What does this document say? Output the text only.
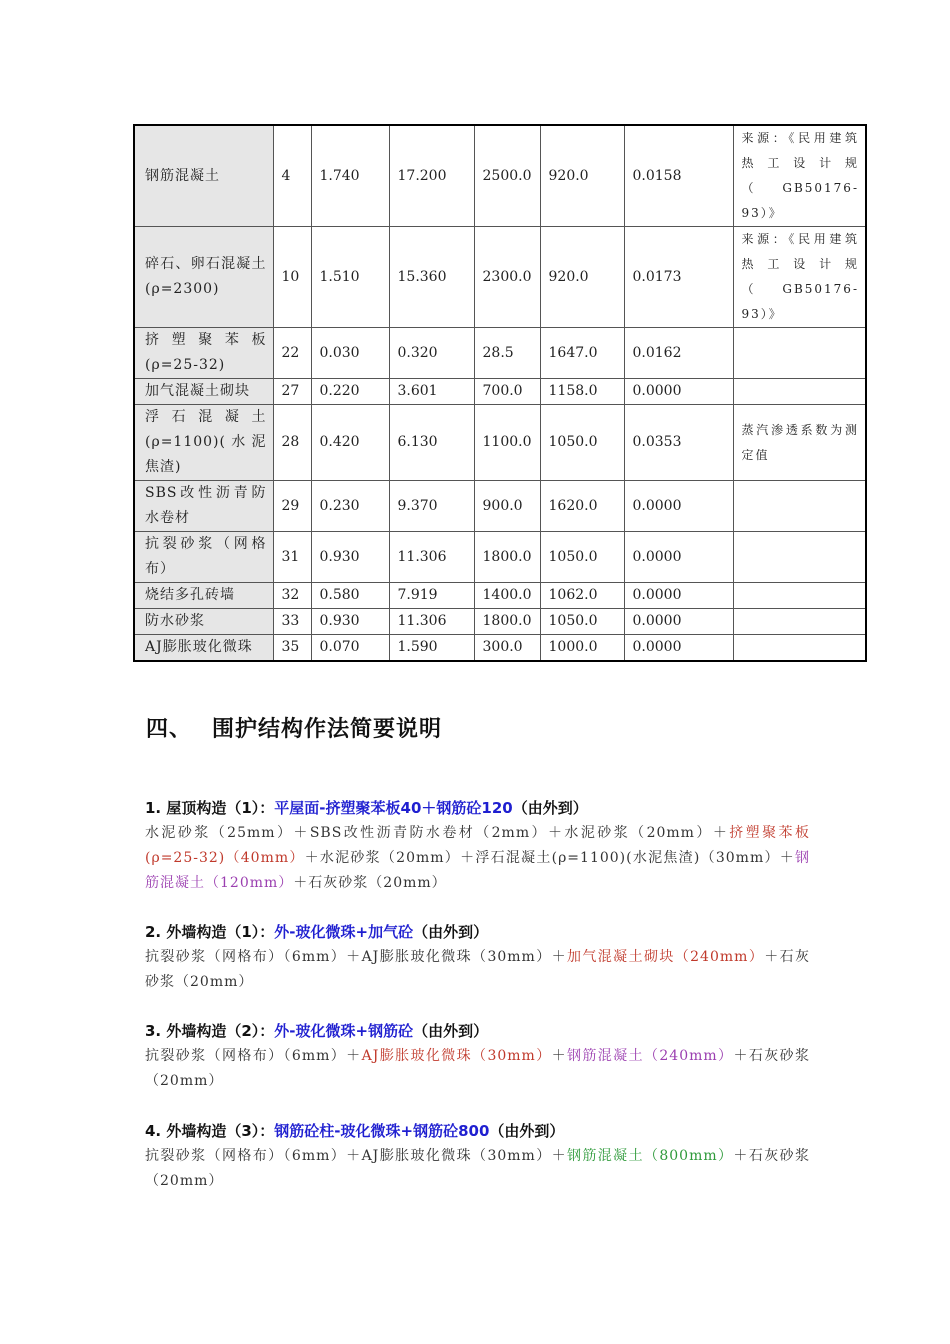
钢筋混凝土	4	1.740	17.200	2500.0	920.0	0.0158	来源：《民用建筑热工设计规（GB50176-93）》
碎石、卵石混凝土(ρ=2300)	10	1.510	15.360	2300.0	920.0	0.0173	来源：《民用建筑热工设计规（GB50176-93）》
挤塑聚苯板(ρ=25-32)	22	0.030	0.320	28.5	1647.0	0.0162	
加气混凝土砌块	27	0.220	3.601	700.0	1158.0	0.0000	
浮石混凝土(ρ=1100)(水泥焦渣)	28	0.420	6.130	1100.0	1050.0	0.0353	蒸汽渗透系数为测定值
SBS改性沥青防水卷材	29	0.230	9.370	900.0	1620.0	0.0000	
抗裂砂浆（网格布）	31	0.930	11.306	1800.0	1050.0	0.0000	
烧结多孔砖墙	32	0.580	7.919	1400.0	1062.0	0.0000	
防水砂浆	33	0.930	11.306	1800.0	1050.0	0.0000	
AJ膨胀玻化微珠	35	0.070	1.590	300.0	1000.0	0.0000	
四、 围护结构作法简要说明
1. 屋顶构造（1）：平屋面-挤塑聚苯板40＋钢筋砼120（由外到）
水泥砂浆（25mm）＋SBS改性沥青防水卷材（2mm）＋水泥砂浆（20mm）＋挤塑聚苯板(ρ=25-32)（40mm）＋水泥砂浆（20mm）＋浮石混凝土(ρ=1100)(水泥焦渣)（30mm）＋钢筋混凝土（120mm）＋石灰砂浆（20mm）
2. 外墙构造（1）：外-玻化微珠+加气砼（由外到）
抗裂砂浆（网格布）（6mm）＋AJ膨胀玻化微珠（30mm）＋加气混凝土砌块（240mm）＋石灰砂浆（20mm）
3. 外墙构造（2）：外-玻化微珠+钢筋砼（由外到）
抗裂砂浆（网格布）（6mm）＋AJ膨胀玻化微珠（30mm）＋钢筋混凝土（240mm）＋石灰砂浆（20mm）
4. 外墙构造（3）：钢筋砼柱-玻化微珠+钢筋砼800（由外到）
抗裂砂浆（网格布）（6mm）＋AJ膨胀玻化微珠（30mm）＋钢筋混凝土（800mm）＋石灰砂浆（20mm）
